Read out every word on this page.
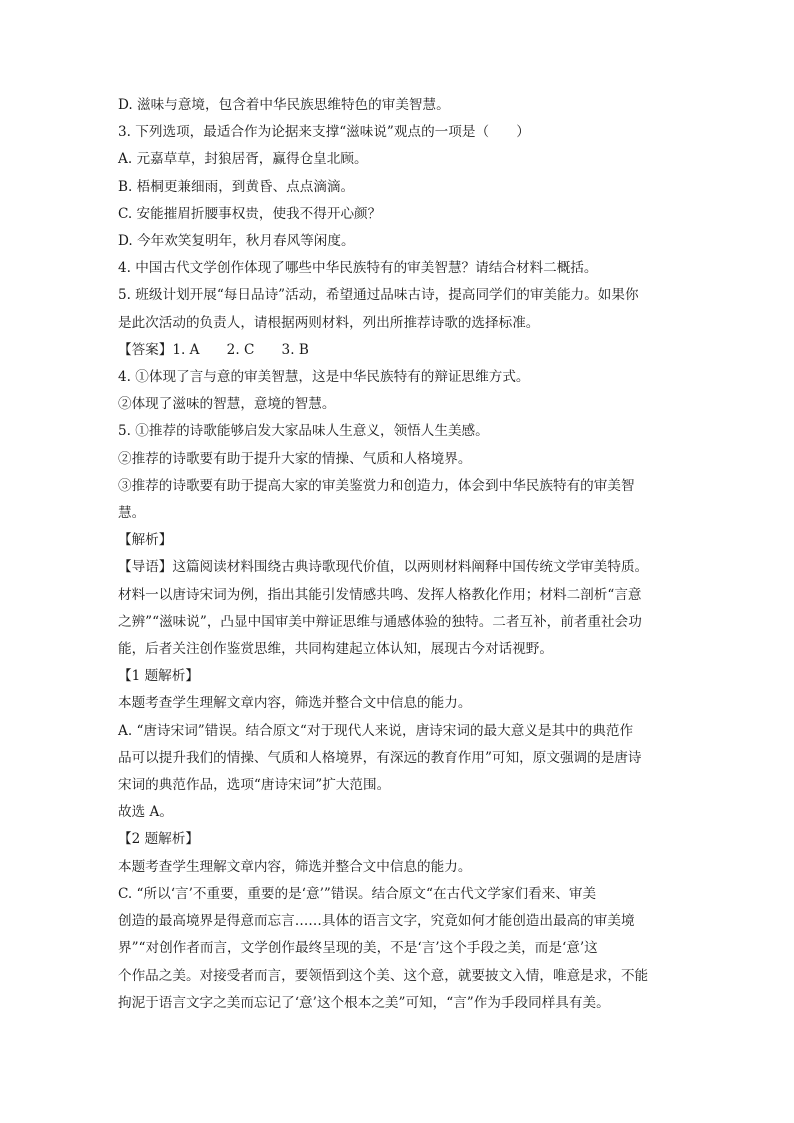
D. 滋味与意境，包含着中华民族思维特色的审美智慧。
3. 下列选项，最适合作为论据来支撑“滋味说”观点的一项是（　　）
A. 元嘉草草，封狼居胥，赢得仓皇北顾。
B. 梧桐更兼细雨，到黄昏、点点滴滴。
C. 安能摧眉折腰事权贵，使我不得开心颜？
D. 今年欢笑复明年，秋月春风等闲度。
4. 中国古代文学创作体现了哪些中华民族特有的审美智慧？请结合材料二概括。
5. 班级计划开展“每日品诗”活动，希望通过品味古诗，提高同学们的审美能力。如果你
是此次活动的负责人，请根据两则材料，列出所推荐诗歌的选择标准。
【答案】1. A　　2. C　　3. B
4. ①体现了言与意的审美智慧，这是中华民族特有的辩证思维方式。
②体现了滋味的智慧，意境的智慧。
5. ①推荐的诗歌能够启发大家品味人生意义，领悟人生美感。
②推荐的诗歌要有助于提升大家的情操、气质和人格境界。
③推荐的诗歌要有助于提高大家的审美鉴赏力和创造力，体会到中华民族特有的审美智
慧。
【解析】
【导语】这篇阅读材料围绕古典诗歌现代价值，以两则材料阐释中国传统文学审美特质。
材料一以唐诗宋词为例，指出其能引发情感共鸣、发挥人格教化作用；材料二剖析“言意
之辨”“滋味说”，凸显中国审美中辩证思维与通感体验的独特。二者互补，前者重社会功
能，后者关注创作鉴赏思维，共同构建起立体认知，展现古今对话视野。
【1 题解析】
本题考查学生理解文章内容，筛选并整合文中信息的能力。
A. “唐诗宋词”错误。结合原文“对于现代人来说，唐诗宋词的最大意义是其中的典范作
品可以提升我们的情操、气质和人格境界，有深远的教育作用”可知，原文强调的是唐诗
宋词的典范作品，选项“唐诗宋词”扩大范围。
故选 A。
【2 题解析】
本题考查学生理解文章内容，筛选并整合文中信息的能力。
C. “所以‘言’不重要，重要的是‘意’”错误。结合原文“在古代文学家们看来、审美
创造的最高境界是得意而忘言……具体的语言文字，究竟如何才能创造出最高的审美境
界”“对创作者而言，文学创作最终呈现的美，不是‘言’这个手段之美，而是‘意’这
个作品之美。对接受者而言，要领悟到这个美、这个意，就要披文入情，唯意是求，不能
拘泥于语言文字之美而忘记了‘意’这个根本之美”可知，“言”作为手段同样具有美。
